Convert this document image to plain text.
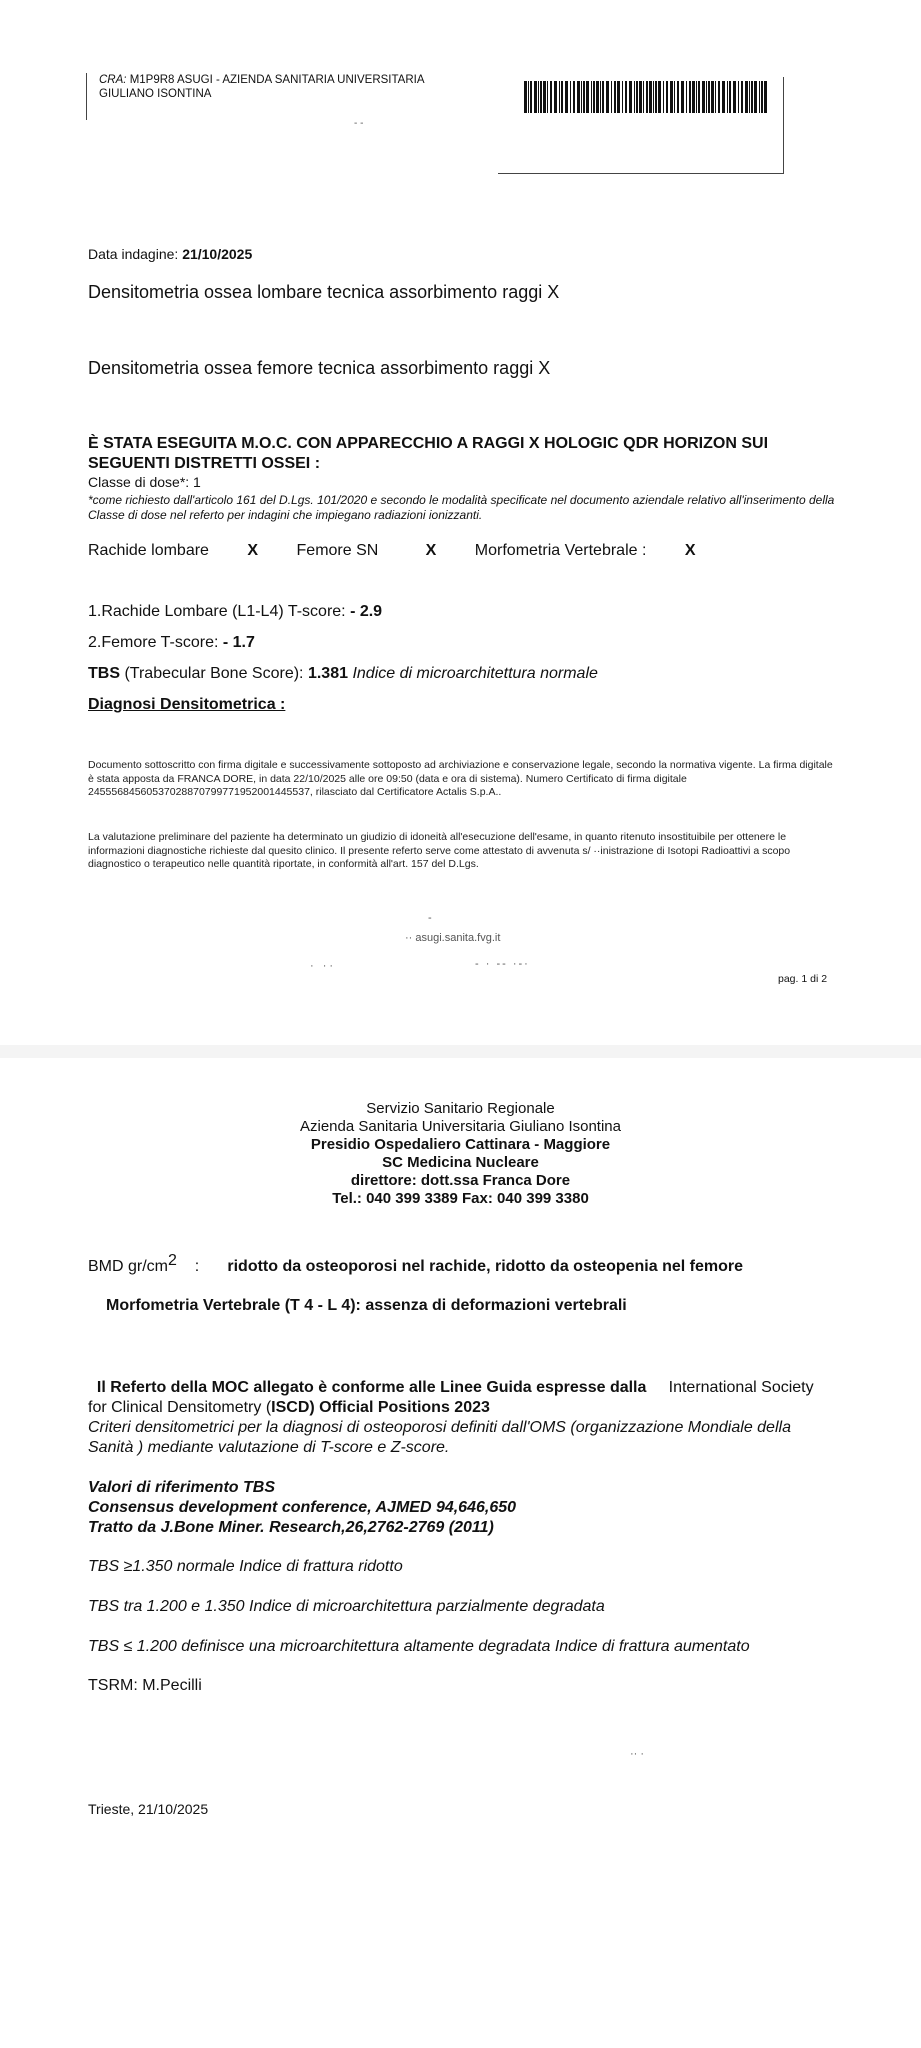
CRA: M1P9R8 ASUGI - AZIENDA SANITARIA UNIVERSITARIA GIULIANO ISONTINA
- -
Data indagine: 21/10/2025
Densitometria ossea lombare tecnica assorbimento raggi X
Densitometria ossea femore tecnica assorbimento raggi X
È STATA ESEGUITA M.O.C. CON APPARECCHIO A RAGGI X HOLOGIC QDR HORIZON SUI SEGUENTI DISTRETTI OSSEI :
Classe di dose*: 1
*come richiesto dall'articolo 161 del D.Lgs. 101/2020 e secondo le modalità specificate nel documento aziendale relativo all'inserimento della Classe di dose nel referto per indagini che impiegano radiazioni ionizzanti.
Rachide lombare X Femore SN	X Morfometria Vertebrale : X
1.Rachide Lombare (L1-L4) T-score: - 2.9
2.Femore T-score: - 1.7
TBS (Trabecular Bone Score): 1.381 Indice di microarchitettura normale
Diagnosi Densitometrica :
Documento sottoscritto con firma digitale e successivamente sottoposto ad archiviazione e conservazione legale, secondo la normativa vigente. La firma digitale è stata apposta da FRANCA DORE, in data 22/10/2025 alle ore 09:50 (data e ora di sistema). Numero Certificato di firma digitale 245556845605370288707997719520014455​37, rilasciato dal Certificatore Actalis S.p.A..
La valutazione preliminare del paziente ha determinato un giudizio di idoneità all'esecuzione dell'esame, in quanto ritenuto insostituibile per ottenere le informazioni diagnostiche richieste dal quesito clinico. Il presente referto serve come attestato di avvenuta s/ ··inistrazione di Isotopi Radioattivi a scopo diagnostico o terapeutico nelle quantità riportate, in conformità all'art. 157 del D.Lgs.
-
·· asugi.sanita.fvg.it
· ··	- · -- ·-·
pag. 1 di 2
Servizio Sanitario Regionale
Azienda Sanitaria Universitaria Giuliano Isontina
Presidio Ospedaliero Cattinara - Maggiore
SC Medicina Nucleare
direttore: dott.ssa Franca Dore
Tel.: 040 399 3389 Fax: 040 399 3380
BMD $gr/cm^2$ : ridotto da osteoporosi nel rachide, ridotto da osteopenia nel femore
Morfometria Vertebrale (T 4 - L 4): assenza di deformazioni vertebrali
Il Referto della MOC allegato è conforme alle Linee Guida espresse dalla International Society for Clinical Densitometry (ISCD) Official Positions 2023
Criteri densitometrici per la diagnosi di osteoporosi definiti dall'OMS (organizzazione Mondiale della Sanità ) mediante valutazione di T-score e Z-score.
Valori di riferimento TBS
Consensus development conference, AJMED 94,646,650
Tratto da J.Bone Miner. Research,26,2762-2769 (2011)
TBS ≥1.350 normale Indice di frattura ridotto
TBS tra 1.200 e 1.350 Indice di microarchitettura parzialmente degradata
TBS ≤ 1.200 definisce una microarchitettura altamente degradata Indice di frattura aumentato
TSRM: M.Pecilli
·· ·
Trieste, 21/10/2025
